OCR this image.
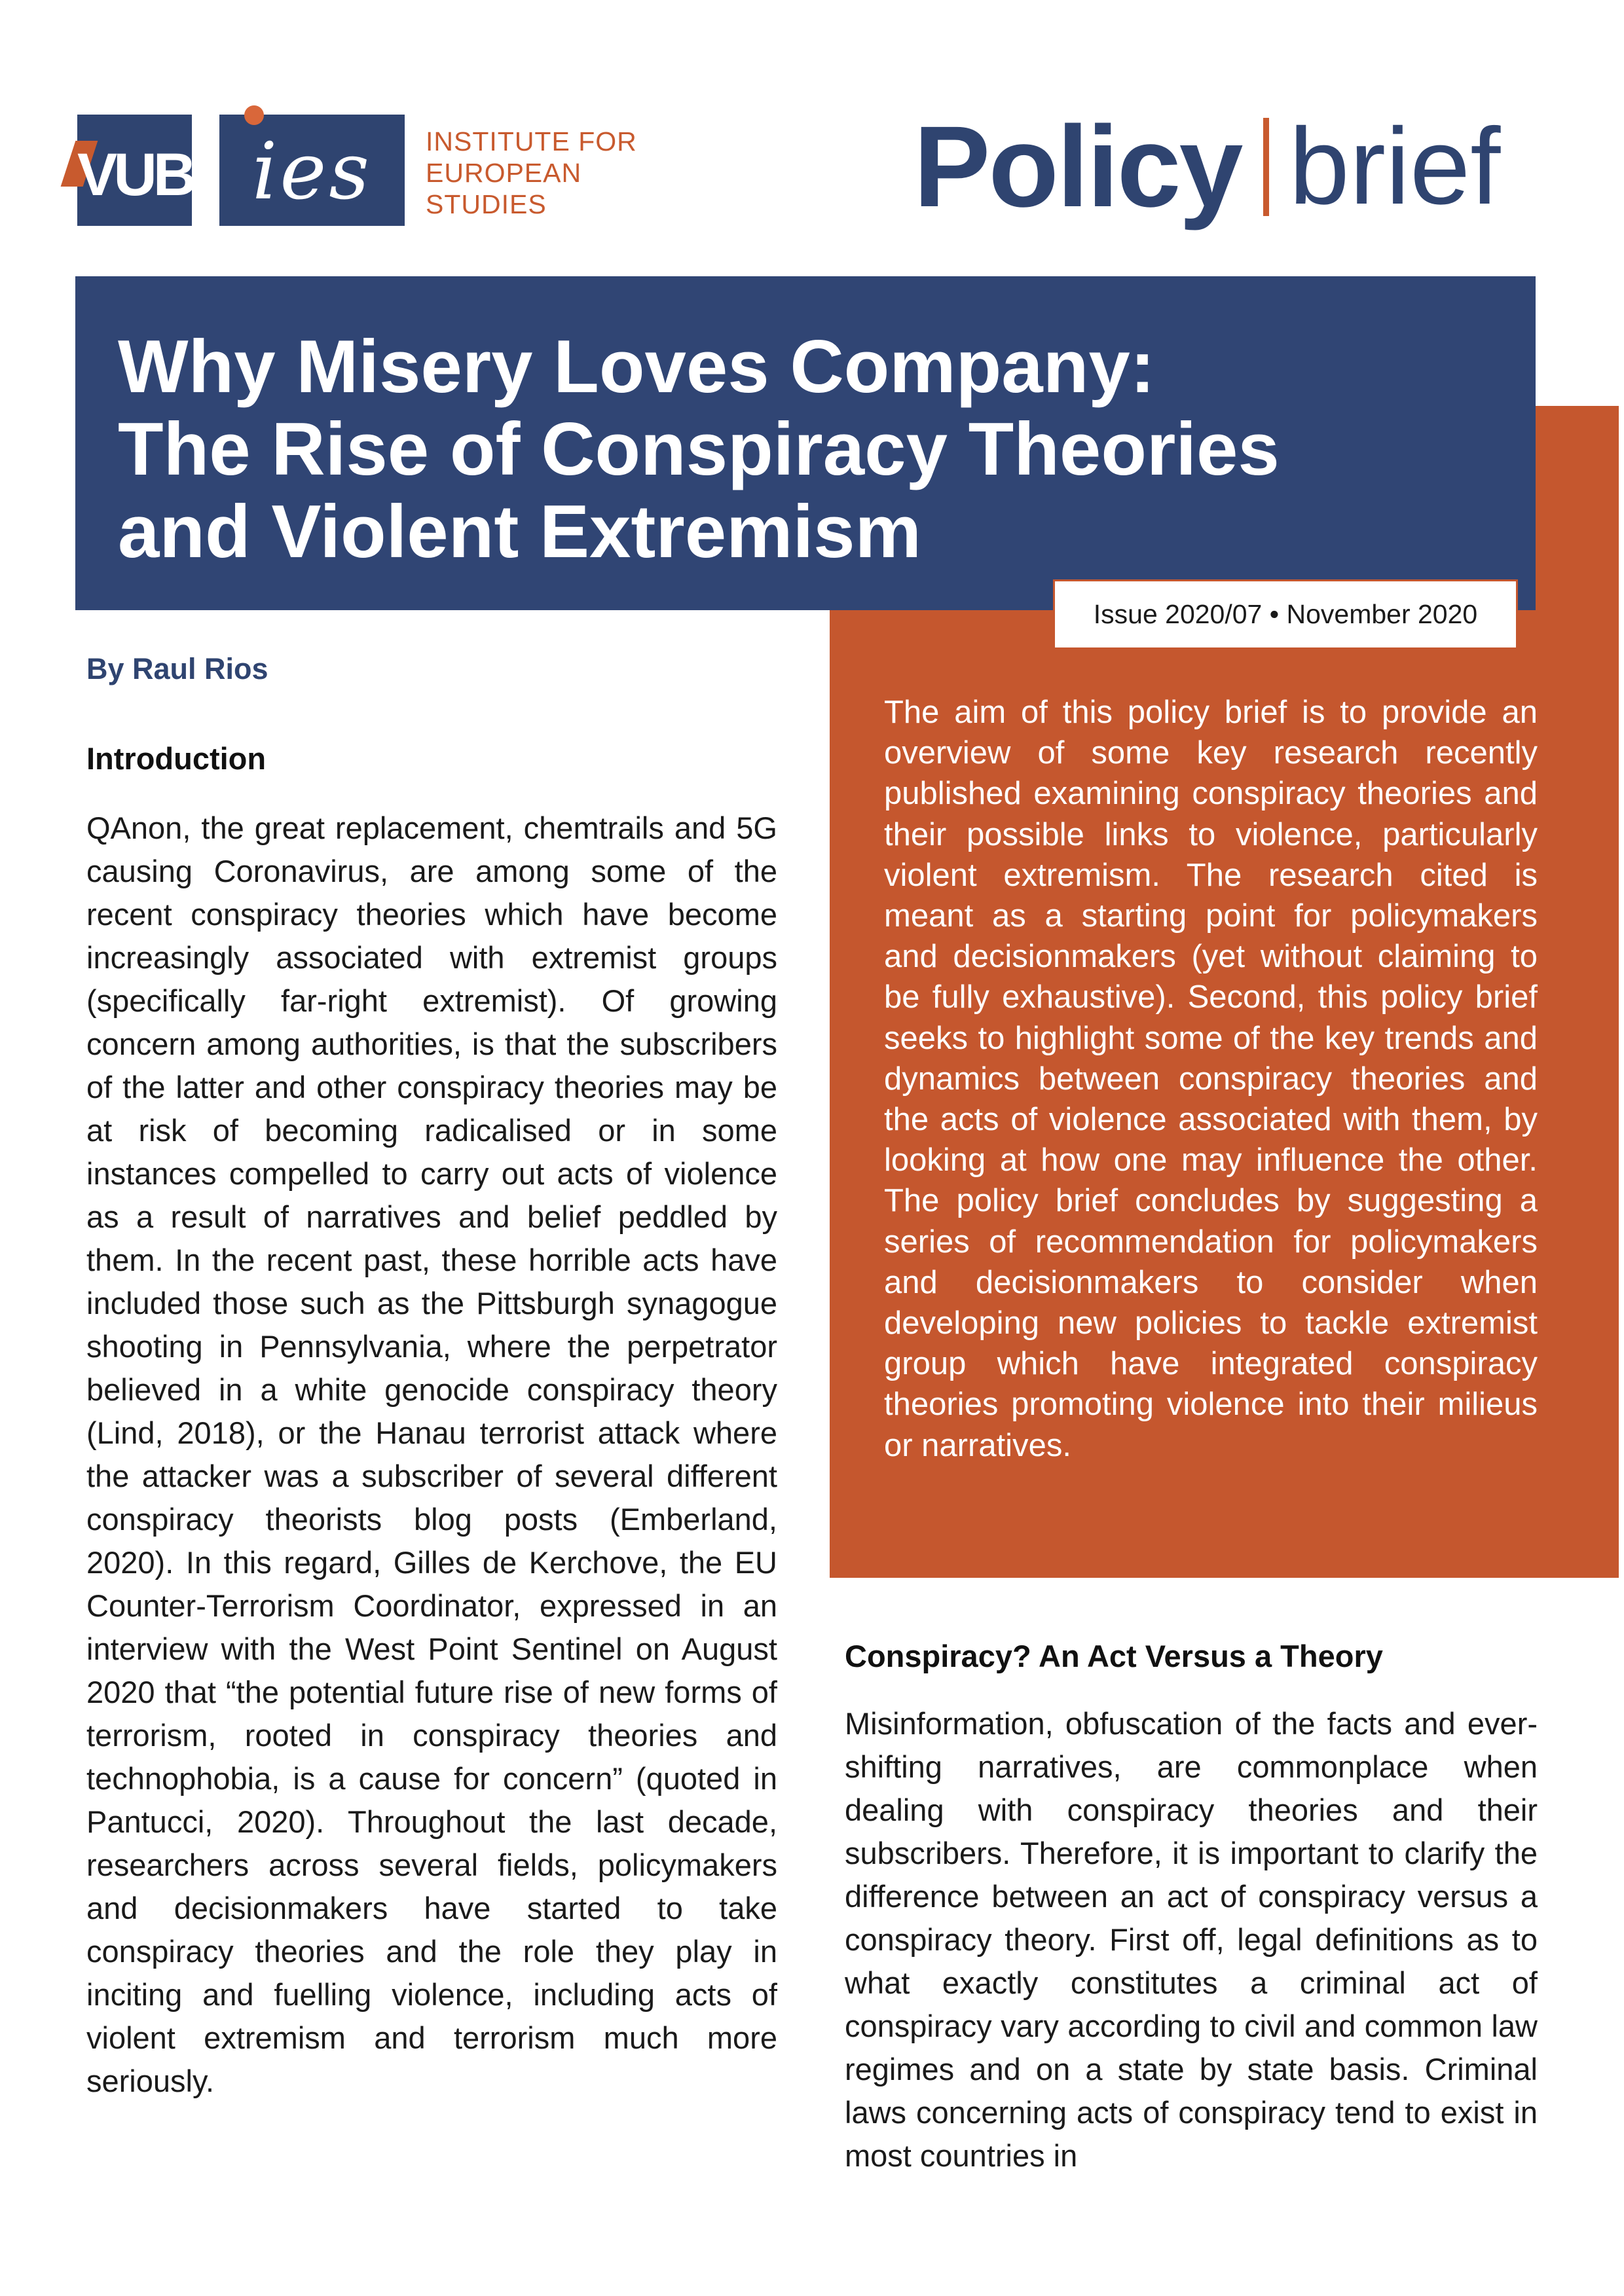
VUB ies	INSTITUTE FOR
EUROPEAN
STUDIES	Policy brief
Why Misery Loves Company:
The Rise of Conspiracy Theories
and Violent Extremism
Issue 2020/07 • November 2020
The aim of this policy brief is to provide an overview of some key research recently published examining conspiracy theories and their possible links to violence, particularly violent extremism. The research cited is meant as a starting point for policymakers and decisionmakers (yet without claiming to be fully exhaustive). Second, this policy brief seeks to highlight some of the key trends and dynamics between conspiracy theories and the acts of violence associated with them, by looking at how one may influence the other. The policy brief concludes by suggesting a series of recommendation for policymakers and decisionmakers to consider when developing new policies to tackle extremist group which have integrated conspiracy theories promoting violence into their milieus or narratives.
By Raul Rios
Introduction
QAnon, the great replacement, chemtrails and 5G causing Coronavirus, are among some of the recent conspiracy theories which have become increasingly associated with extremist groups (specifically far-right extremist). Of growing concern among authorities, is that the subscribers of the latter and other conspiracy theories may be at risk of becoming radicalised or in some instances compelled to carry out acts of violence as a result of narratives and belief peddled by them. In the recent past, these horrible acts have included those such as the Pittsburgh synagogue shooting in Pennsylvania, where the perpetrator believed in a white genocide conspiracy theory (Lind, 2018), or the Hanau terrorist attack where the attacker was a subscriber of several different conspiracy theorists blog posts (Emberland, 2020). In this regard, Gilles de Kerchove, the EU Counter-Terrorism Coordinator, expressed in an interview with the West Point Sentinel on August 2020 that “the potential future rise of new forms of terrorism, rooted in conspiracy theories and technophobia, is a cause for concern” (quoted in Pantucci, 2020). Throughout the last decade, researchers across several fields, policymakers and decisionmakers have started to take conspiracy theories and the role they play in inciting and fuelling violence, including acts of violent extremism and terrorism much more seriously.
Conspiracy? An Act Versus a Theory
Misinformation, obfuscation of the facts and ever-shifting narratives, are commonplace when dealing with conspiracy theories and their subscribers. Therefore, it is important to clarify the difference between an act of conspiracy versus a conspiracy theory. First off, legal definitions as to what exactly constitutes a criminal act of conspiracy vary according to civil and common law regimes and on a state by state basis. Criminal laws concerning acts of conspiracy tend to exist in most countries in
